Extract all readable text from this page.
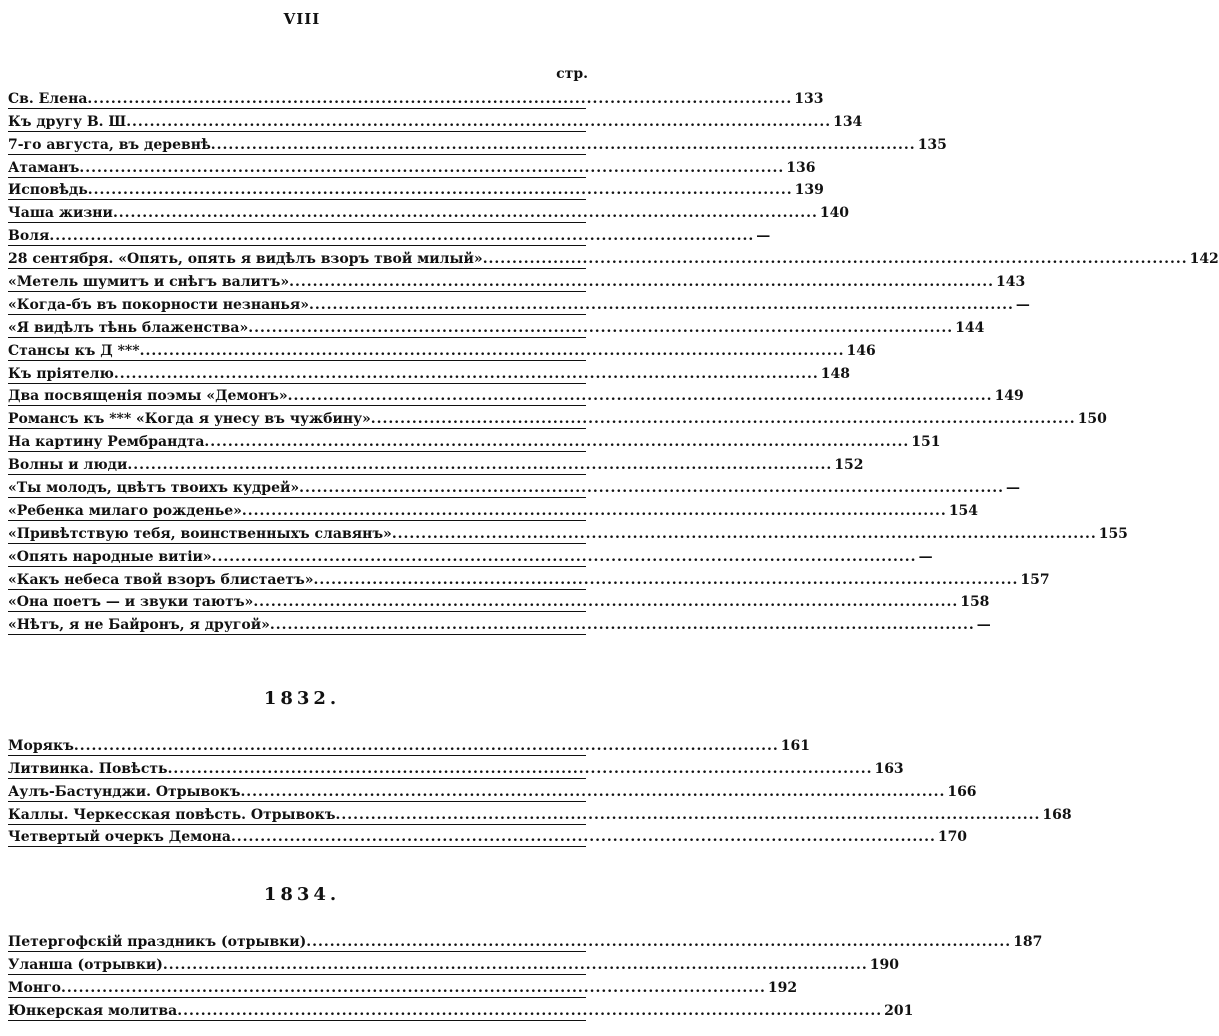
VIII
стр.
Св. Елена ........................................................................................................................ 133
Къ другу В. Ш ........................................................................................................................ 134
7-го августа, въ деревнѣ ........................................................................................................................ 135
Атаманъ ........................................................................................................................ 136
Исповѣдь ........................................................................................................................ 139
Чаша жизни ........................................................................................................................ 140
Воля ........................................................................................................................ —
28 сентября. «Опять, опять я видѣлъ взоръ твой милый» ........................................................................................................................ 142
«Метель шумитъ и снѣгъ валитъ» ........................................................................................................................ 143
«Когда-бъ въ покорности незнанья» ........................................................................................................................ —
«Я видѣлъ тѣнь блаженства» ........................................................................................................................ 144
Стансы къ Д *** ........................................................................................................................ 146
Къ пріятелю ........................................................................................................................ 148
Два посвященія поэмы «Демонъ» ........................................................................................................................ 149
Романсъ къ *** «Когда я унесу въ чужбину» ........................................................................................................................ 150
На картину Рембрандта ........................................................................................................................ 151
Волны и люди ........................................................................................................................ 152
«Ты молодъ, цвѣтъ твоихъ кудрей» ........................................................................................................................ —
«Ребенка милаго рожденье» ........................................................................................................................ 154
«Привѣтствую тебя, воинственныхъ славянъ» ........................................................................................................................ 155
«Опять народные витіи» ........................................................................................................................ —
«Какъ небеса твой взоръ блистаетъ» ........................................................................................................................ 157
«Она поетъ — и звуки таютъ» ........................................................................................................................ 158
«Нѣтъ, я не Байронъ, я другой» ........................................................................................................................ —
1832.
Морякъ ........................................................................................................................ 161
Литвинка. Повѣсть ........................................................................................................................ 163
Аулъ-Бастунджи. Отрывокъ ........................................................................................................................ 166
Каллы. Черкесская повѣсть. Отрывокъ ........................................................................................................................ 168
Четвертый очеркъ Демона ........................................................................................................................ 170
1834.
Петергофскій праздникъ (отрывки) ........................................................................................................................ 187
Уланша (отрывки) ........................................................................................................................ 190
Монго ........................................................................................................................ 192
Юнкерская молитва ........................................................................................................................ 201
